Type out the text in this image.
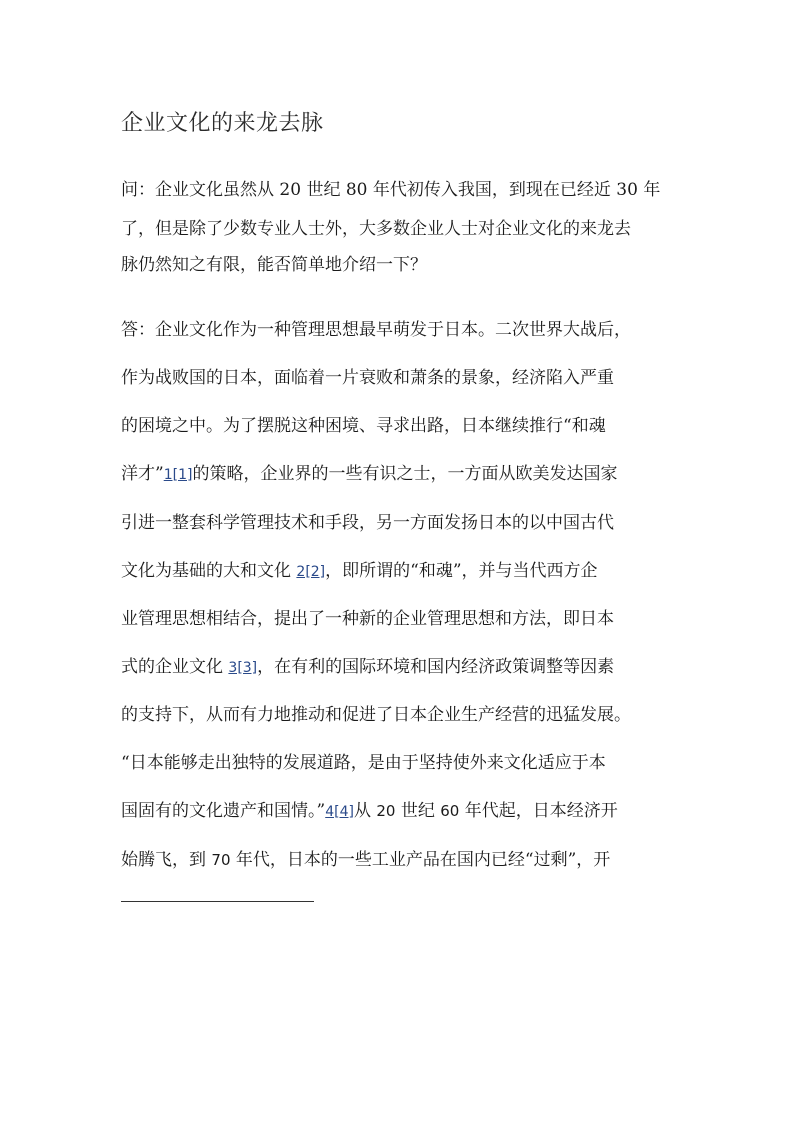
企业文化的来龙去脉
问：企业文化虽然从 20 世纪 80 年代初传入我国，到现在已经近 30 年
了，但是除了少数专业人士外，大多数企业人士对企业文化的来龙去
脉仍然知之有限，能否简单地介绍一下？
答：企业文化作为一种管理思想最早萌发于日本。二次世界大战后，
作为战败国的日本，面临着一片衰败和萧条的景象，经济陷入严重
的困境之中。为了摆脱这种困境、寻求出路，日本继续推行“和魂
洋才”1[1]的策略，企业界的一些有识之士，一方面从欧美发达国家
引进一整套科学管理技术和手段，另一方面发扬日本的以中国古代
文化为基础的大和文化 2[2]，即所谓的“和魂”，并与当代西方企
业管理思想相结合，提出了一种新的企业管理思想和方法，即日本
式的企业文化 3[3]，在有利的国际环境和国内经济政策调整等因素
的支持下，从而有力地推动和促进了日本企业生产经营的迅猛发展。
“日本能够走出独特的发展道路，是由于坚持使外来文化适应于本
国固有的文化遗产和国情。”4[4]从 20 世纪 60 年代起，日本经济开
始腾飞，到 70 年代，日本的一些工业产品在国内已经“过剩”，开
